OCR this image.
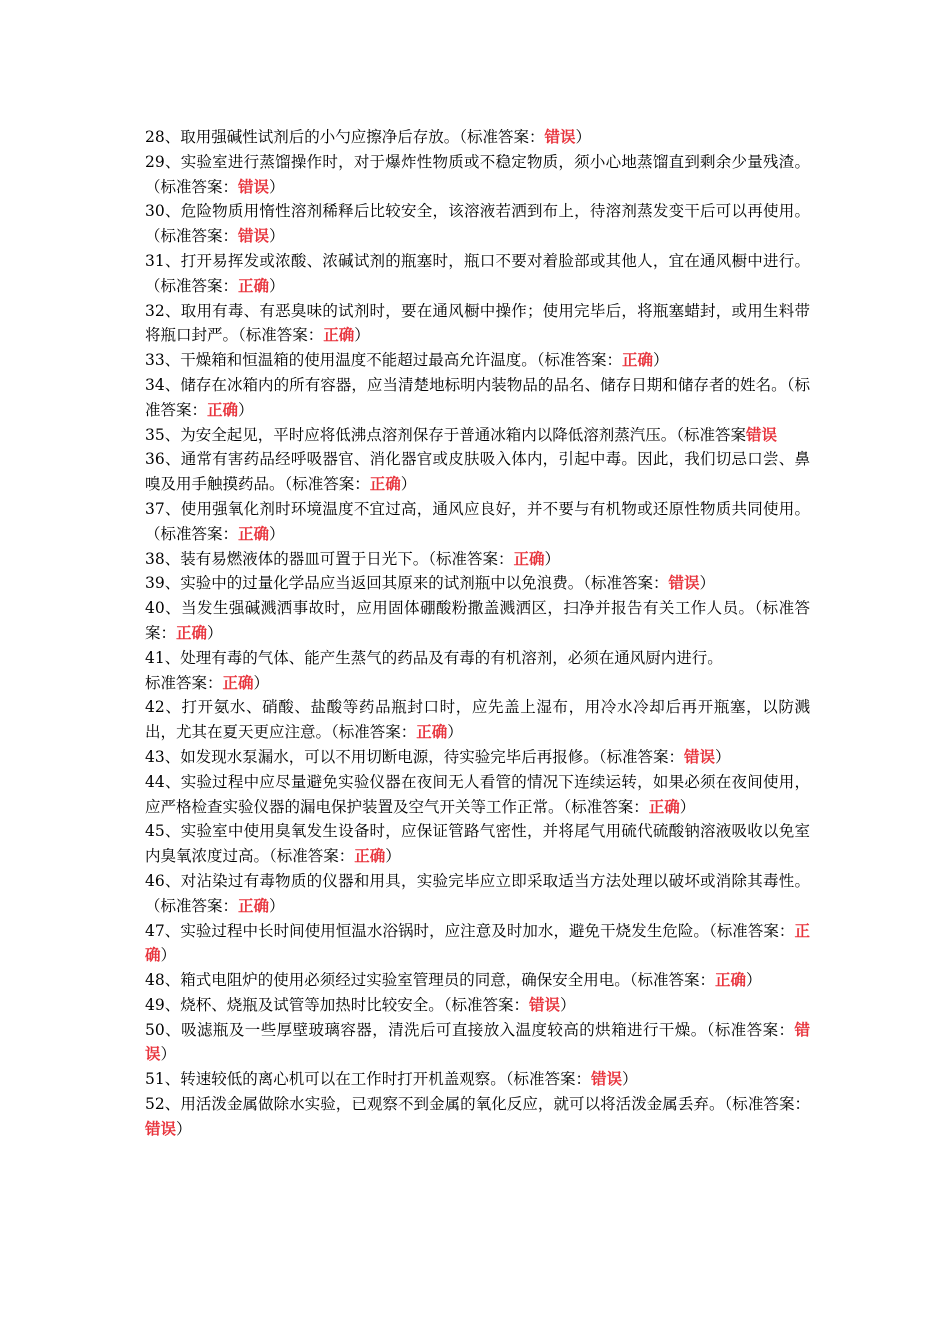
28、取用强碱性试剂后的小勺应擦净后存放。（标准答案：错误）

29、实验室进行蒸馏操作时，对于爆炸性物质或不稳定物质，须小心地蒸馏直到剩余少量残渣。（标准答案：错误）

30、危险物质用惰性溶剂稀释后比较安全，该溶液若洒到布上，待溶剂蒸发变干后可以再使用。（标准答案：错误）

31、打开易挥发或浓酸、浓碱试剂的瓶塞时，瓶口不要对着脸部或其他人，宜在通风橱中进行。（标准答案：正确）

32、取用有毒、有恶臭味的试剂时，要在通风橱中操作；使用完毕后，将瓶塞蜡封，或用生料带将瓶口封严。（标准答案：正确）

33、干燥箱和恒温箱的使用温度不能超过最高允许温度。（标准答案：正确）

34、储存在冰箱内的所有容器，应当清楚地标明内装物品的品名、储存日期和储存者的姓名。（标准答案：正确）

35、为安全起见，平时应将低沸点溶剂保存于普通冰箱内以降低溶剂蒸汽压。（标准答案错误

36、通常有害药品经呼吸器官、消化器官或皮肤吸入体内，引起中毒。因此，我们切忌口尝、鼻嗅及用手触摸药品。（标准答案：正确）

37、使用强氧化剂时环境温度不宜过高，通风应良好，并不要与有机物或还原性物质共同使用。（标准答案：正确）

38、装有易燃液体的器皿可置于日光下。（标准答案：正确）

39、实验中的过量化学品应当返回其原来的试剂瓶中以免浪费。（标准答案：错误）

40、当发生强碱溅洒事故时，应用固体硼酸粉撒盖溅洒区，扫净并报告有关工作人员。（标准答案：正确）

41、处理有毒的气体、能产生蒸气的药品及有毒的有机溶剂，必须在通风厨内进行。
标准答案：正确）

42、打开氨水、硝酸、盐酸等药品瓶封口时，应先盖上湿布，用冷水冷却后再开瓶塞，以防溅出，尤其在夏天更应注意。（标准答案：正确）

43、如发现水泵漏水，可以不用切断电源，待实验完毕后再报修。（标准答案：错误）

44、实验过程中应尽量避免实验仪器在夜间无人看管的情况下连续运转，如果必须在夜间使用，应严格检查实验仪器的漏电保护装置及空气开关等工作正常。（标准答案：正确）

45、实验室中使用臭氧发生设备时，应保证管路气密性，并将尾气用硫代硫酸钠溶液吸收以免室内臭氧浓度过高。（标准答案：正确）

46、对沾染过有毒物质的仪器和用具，实验完毕应立即采取适当方法处理以破坏或消除其毒性。（标准答案：正确）

47、实验过程中长时间使用恒温水浴锅时，应注意及时加水，避免干烧发生危险。（标准答案：正确）

48、箱式电阻炉的使用必须经过实验室管理员的同意，确保安全用电。（标准答案：正确）

49、烧杯、烧瓶及试管等加热时比较安全。（标准答案：错误）

50、吸滤瓶及一些厚壁玻璃容器，清洗后可直接放入温度较高的烘箱进行干燥。（标准答案：错误）

51、转速较低的离心机可以在工作时打开机盖观察。（标准答案：错误）

52、用活泼金属做除水实验，已观察不到金属的氧化反应，就可以将活泼金属丢弃。（标准答案：错误）
